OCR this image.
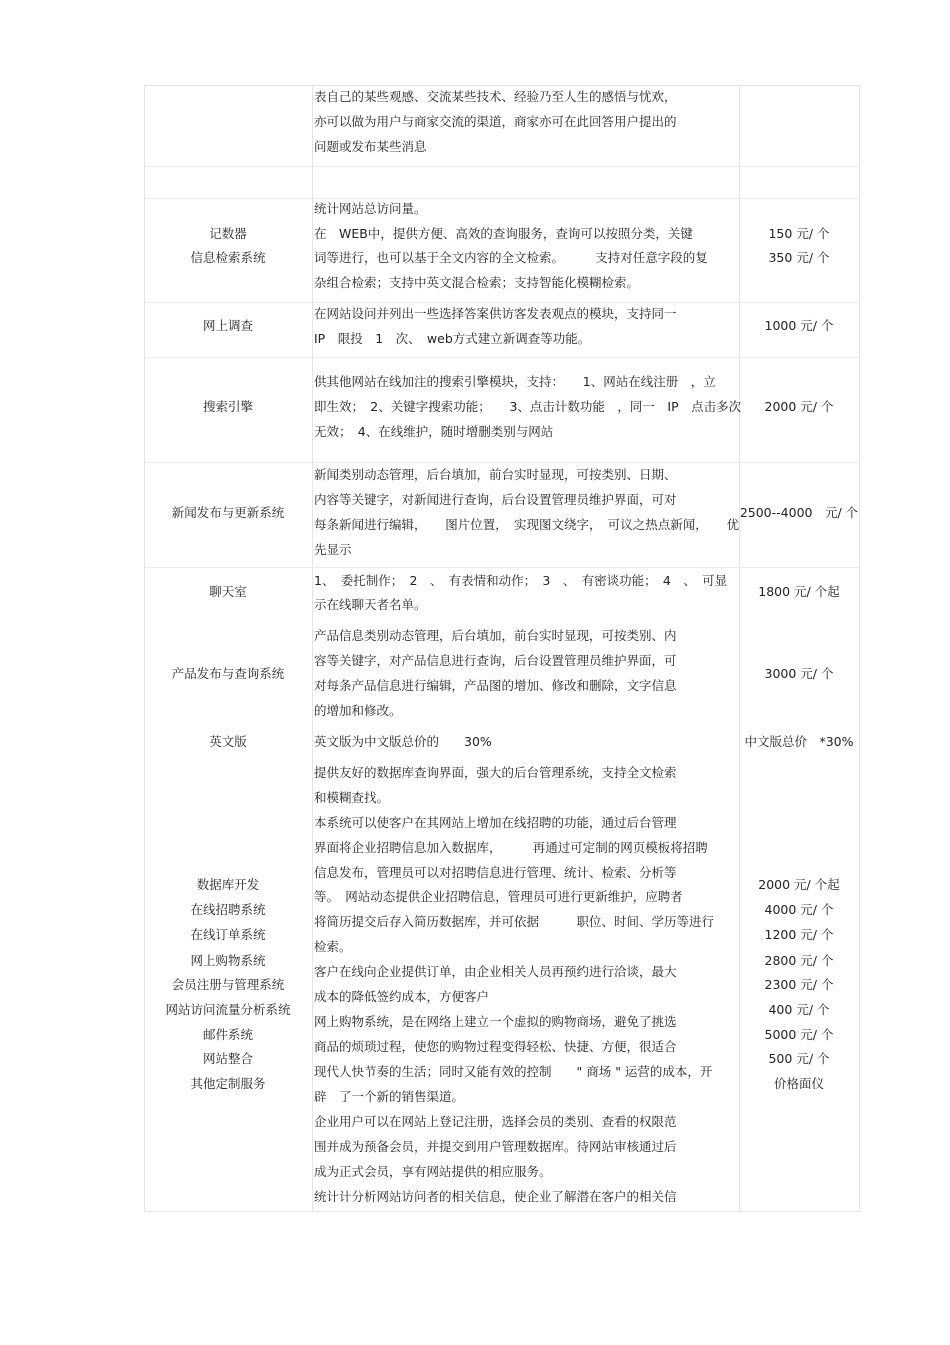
表自己的某些观感、交流某些技术、经验乃至人生的感悟与忧欢，
亦可以做为用户与商家交流的渠道，商家亦可在此回答用户提出的
问题或发布某些消息
记数器
信息检索系统
统计网站总访问量。
在　WEB中，提供方便、高效的查询服务，查询可以按照分类，关键
词等进行，也可以基于全文内容的全文检索。　　　支持对任意字段的复
杂组合检索；支持中英文混合检索；支持智能化模糊检索。
150 元/ 个
350 元/ 个
网上调查
在网站设问并列出一些选择答案供访客发表观点的模块，支持同一
IP　限投　1　次、　web方式建立新调查等功能。
1000 元/ 个
搜索引擎
供其他网站在线加注的搜索引擎模块，支持：　　1、网站在线注册　，立
即生效；　2、关键字搜索功能；　　3、点击计数功能　，同一　IP　点击多次
无效；　4、在线维护，随时增删类别与网站
2000 元/ 个
新闻发布与更新系统
新闻类别动态管理，后台填加，前台实时显现，可按类别、日期、
内容等关键字，对新闻进行查询，后台设置管理员维护界面，可对
每条新闻进行编辑，　　图片位置，　实现图文绕字，　可议之热点新闻，　　优
先显示
2500--4000　元/ 个
聊天室
1、　委托制作；　2　、　有表情和动作；　3　、　有密谈功能；　4　、　可显
示在线聊天者名单。
1800 元/ 个起
产品发布与查询系统
产品信息类别动态管理，后台填加，前台实时显现，可按类别、内
容等关键字，对产品信息进行查询，后台设置管理员维护界面，可
对每条产品信息进行编辑，产品图的增加、修改和删除，文字信息
的增加和修改。
3000 元/ 个
英文版	英文版为中文版总价的　　30%	中文版总价　*30%
数据库开发
在线招聘系统
在线订单系统
网上购物系统
会员注册与管理系统
网站访问流量分析系统
邮件系统
网站整合
其他定制服务
提供友好的数据库查询界面，强大的后台管理系统，支持全文检索
和模糊查找。
本系统可以使客户在其网站上增加在线招聘的功能，通过后台管理
界面将企业招聘信息加入数据库，　　　再通过可定制的网页模板将招聘
信息发布，管理员可以对招聘信息进行管理、统计、检索、分析等
等。　网站动态提供企业招聘信息，管理员可进行更新维护，应聘者
将简历提交后存入简历数据库，并可依据　　　职位、时间、学历等进行
检索。
客户在线向企业提供订单，由企业相关人员再预约进行洽谈，最大
成本的降低签约成本，方便客户
网上购物系统，是在网络上建立一个虚拟的购物商场，避免了挑选
商品的烦琐过程，使您的购物过程变得轻松、快捷、方便，很适合
现代人快节奏的生活；同时又能有效的控制　　" 商场 " 运营的成本，开
辟　了一个新的销售渠道。
企业用户可以在网站上登记注册，选择会员的类别、查看的权限范
围并成为预备会员，并提交到用户管理数据库。待网站审核通过后
成为正式会员，享有网站提供的相应服务。
统计计分析网站访问者的相关信息，使企业了解潜在客户的相关信
2000 元/ 个起
4000 元/ 个
1200 元/ 个
2800 元/ 个
2300 元/ 个
400 元/ 个
5000 元/ 个
500 元/ 个
价格面仪
